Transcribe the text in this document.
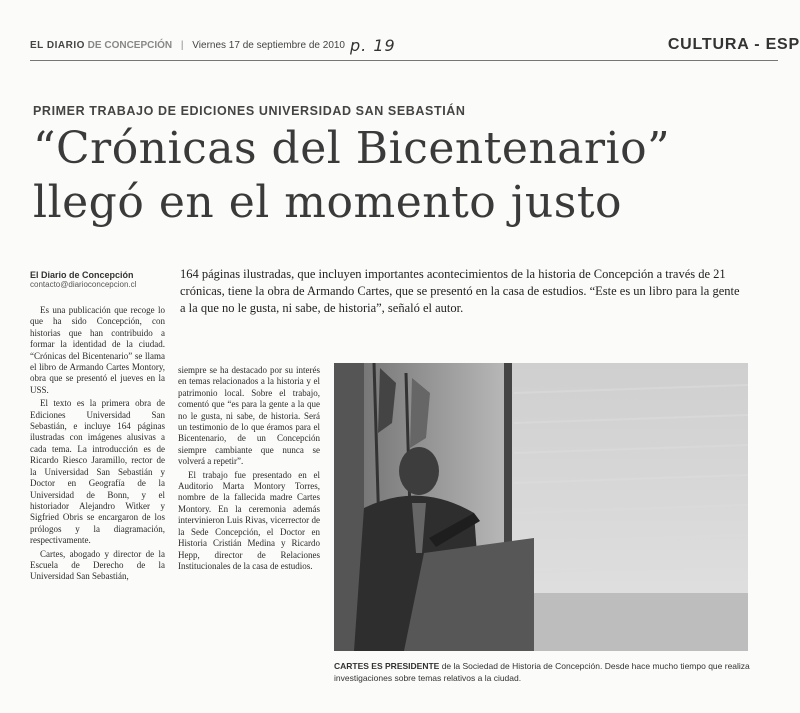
EL DIARIO DE CONCEPCIÓN | Viernes 17 de septiembre de 2010 p. 19	CULTURA - ESP
PRIMER TRABAJO DE EDICIONES UNIVERSIDAD SAN SEBASTIÁN
“Crónicas del Bicentenario”
llegó en el momento justo
El Diario de Concepción
contacto@diarioconcepcion.cl
164 páginas ilustradas, que incluyen importantes acontecimientos de la historia de Concepción a través de 21 crónicas, tiene la obra de Armando Cartes, que se presentó en la casa de estudios. “Este es un libro para la gente a la que no le gusta, ni sabe, de historia”, señaló el autor.

Es una publicación que recoge lo que ha sido Concepción, con historias que han contribuido a formar la identidad de la ciudad. “Crónicas del Bicentenario” se llama el libro de Armando Cartes Montory, obra que se presentó el jueves en la USS.

El texto es la primera obra de Ediciones Universidad San Sebastián, e incluye 164 páginas ilustradas con imágenes alusivas a cada tema. La introducción es de Ricardo Riesco Jaramillo, rector de la Universidad San Sebastián y Doctor en Geografía de la Universidad de Bonn, y el historiador Alejandro Witker y Sigfried Obris se encargaron de los prólogos y la diagramación, respectivamente.

Cartes, abogado y director de la Escuela de Derecho de la Universidad San Sebastián,

siempre se ha destacado por su interés en temas relacionados a la historia y el patrimonio local. Sobre el trabajo, comentó que “es para la gente a la que no le gusta, ni sabe, de historia. Será un testimonio de lo que éramos para el Bicentenario, de un Concepción siempre cambiante que nunca se volverá a repetir”.

El trabajo fue presentado en el Auditorio Marta Montory Torres, nombre de la fallecida madre Cartes Montory. En la ceremonia además intervinieron Luis Rivas, vicerrector de la Sede Concepción, el Doctor en Historia Cristián Medina y Ricardo Hepp, director de Relaciones Institucionales de la casa de estudios.

CARTES ES PRESIDENTE de la Sociedad de Historia de Concepción. Desde hace mucho tiempo que realiza investigaciones sobre temas relativos a la ciudad.
